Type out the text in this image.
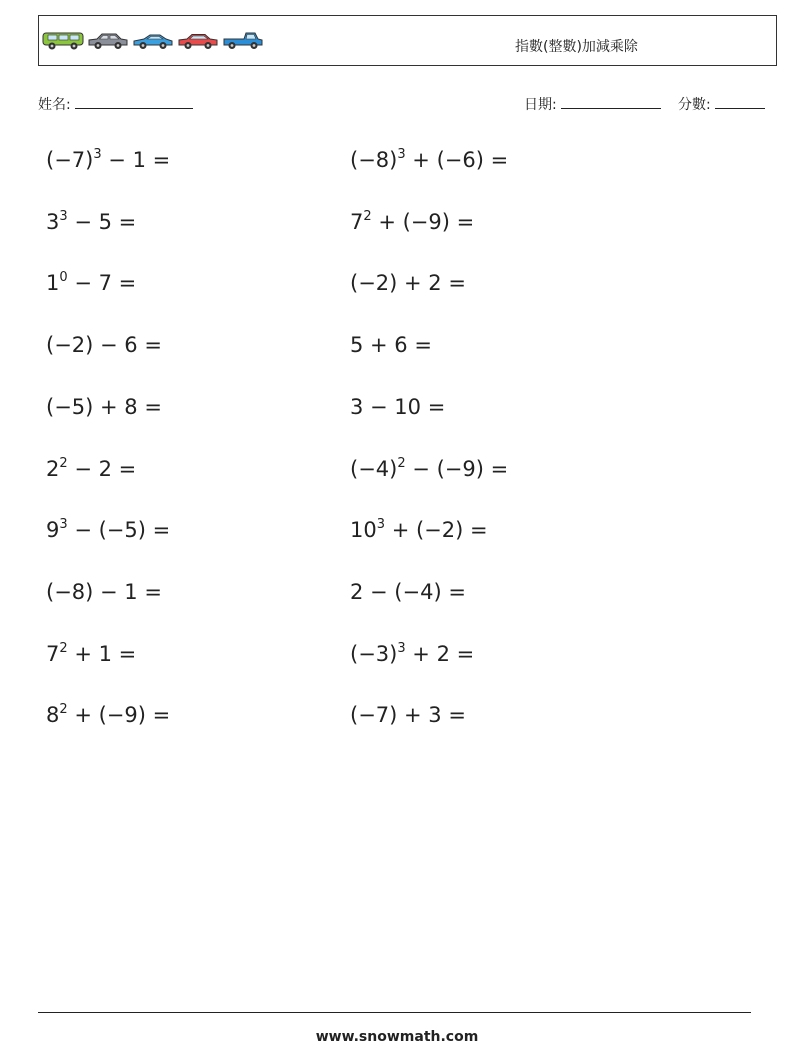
指數(整數)加減乘除
姓名:	日期:	分數:
$(-7)^3 - 1$ =
$3^3 - 5$ =
$1^0 - 7$ =
(−2) − 6 =
(−5) + 8 =
$2^2 - 2$ =
$9^3 - (-5)$ =
(−8) − 1 =
$7^2 + 1$ =
$8^2 + (-9)$ =
$(-8)^3 + (-6)$ =
$7^2 + (-9)$ =
(−2) + 2 =
5 + 6 =
3 − 10 =
$(-4)^2 - (-9)$ =
$10^3 + (-2)$ =
2 − (−4) =
$(-3)^3 + 2$ =
(−7) + 3 =
www.snowmath.com
